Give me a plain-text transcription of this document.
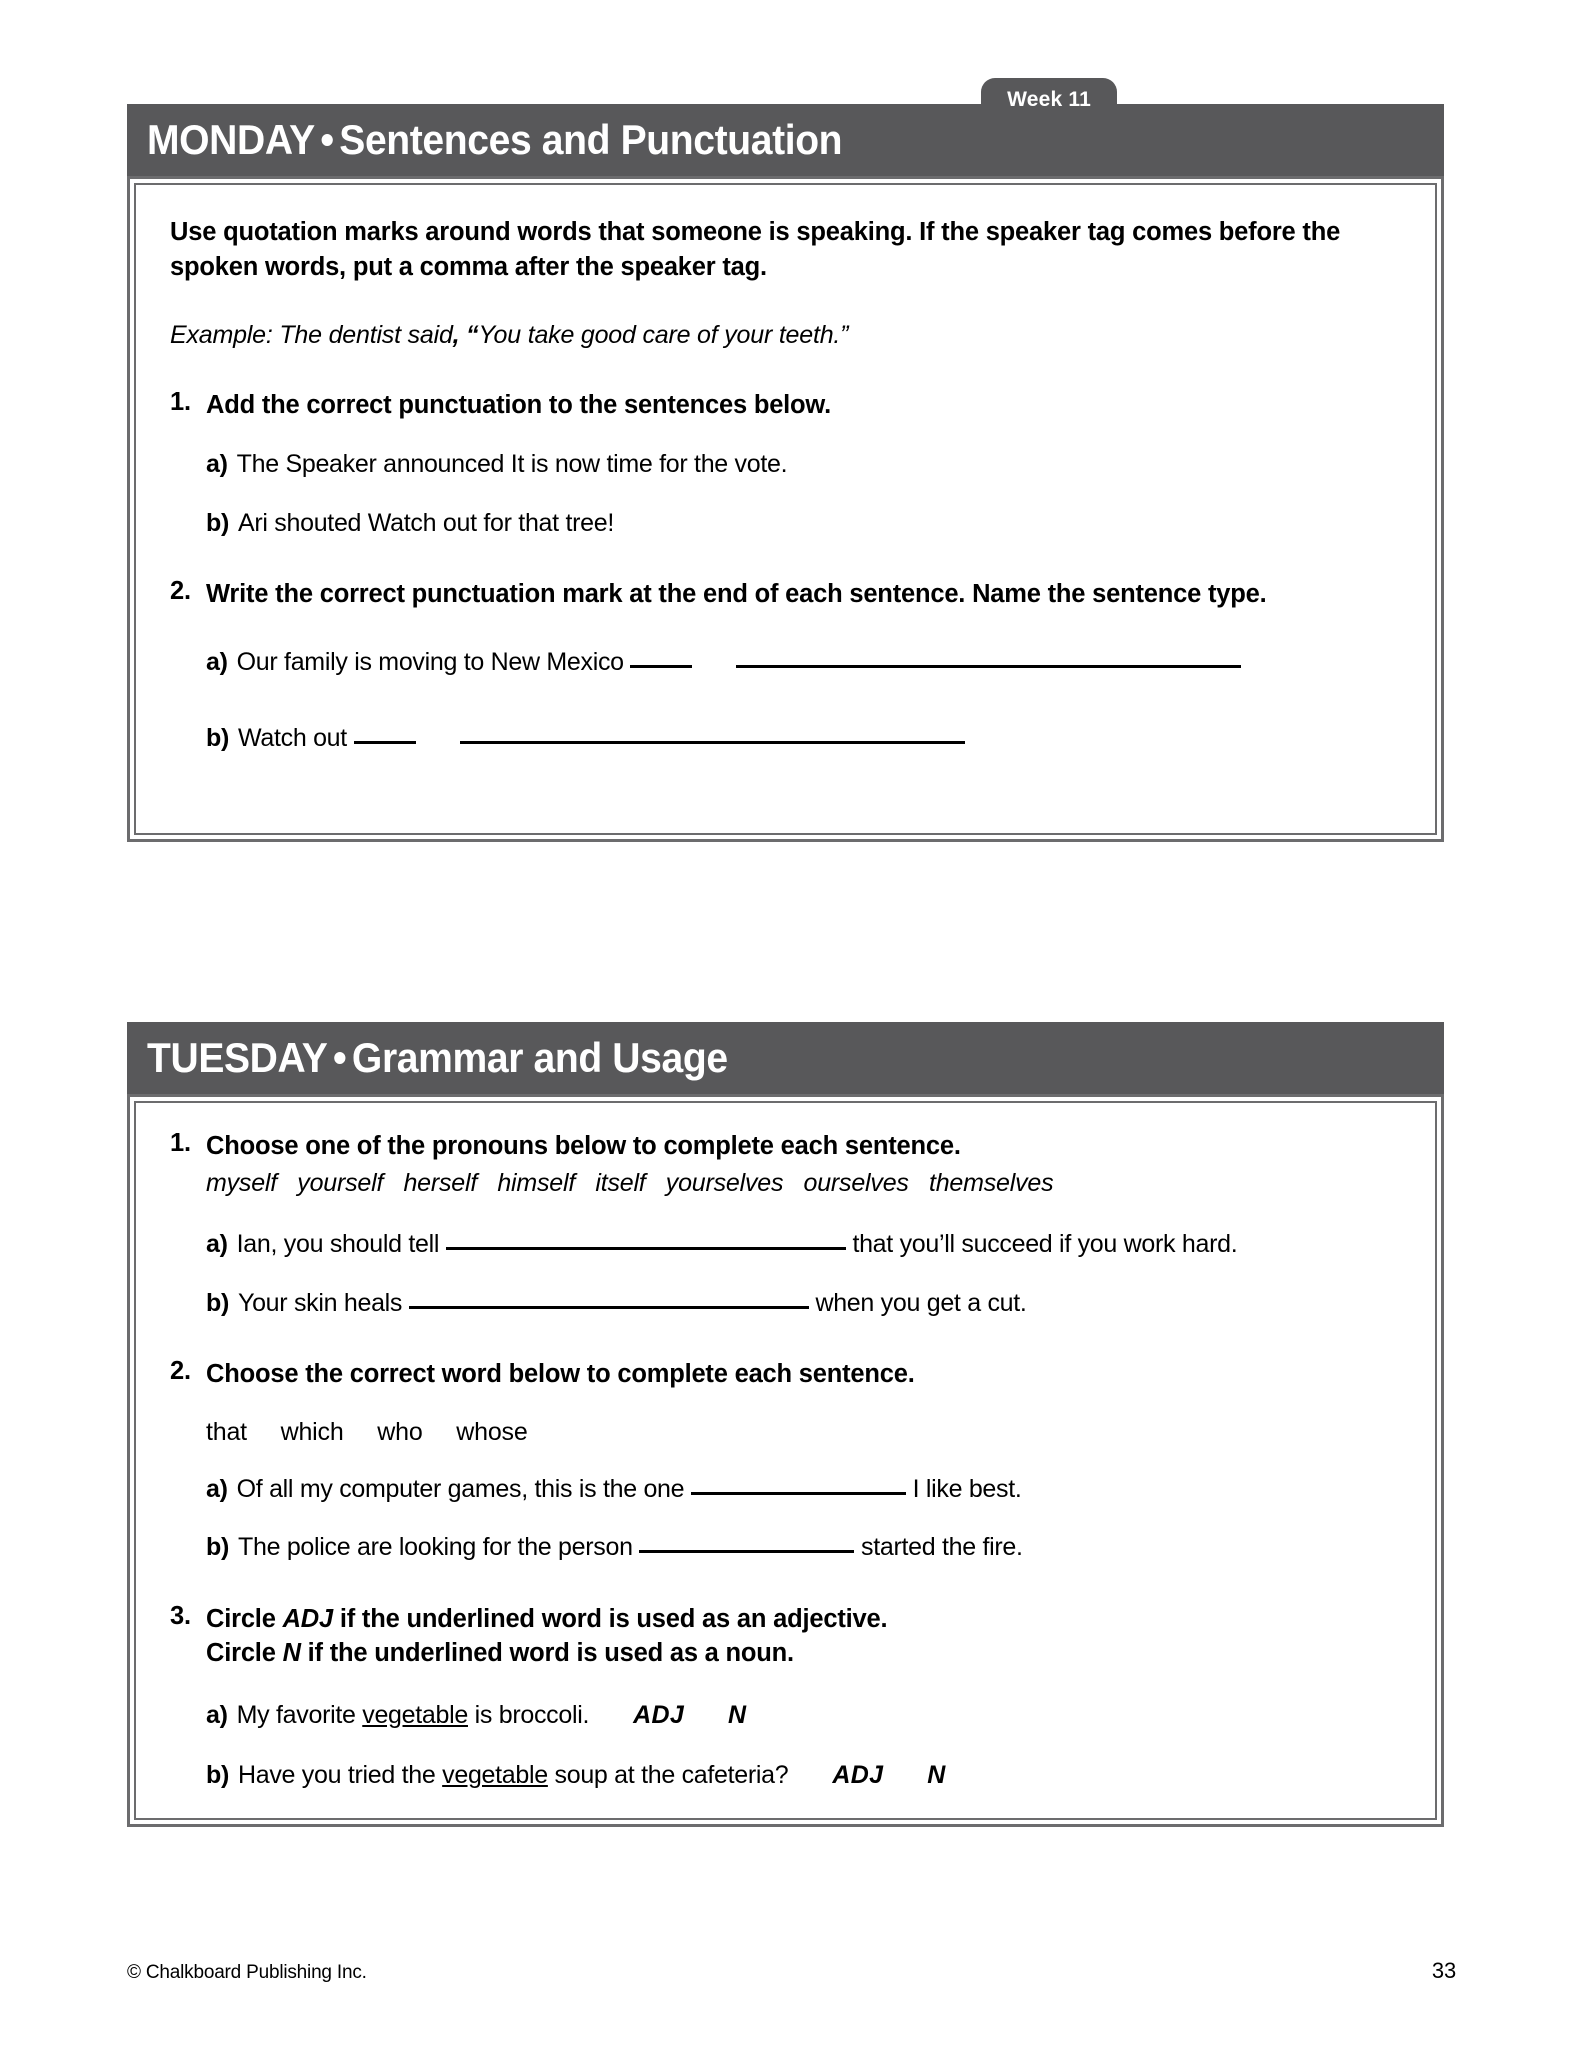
Week 11
MONDAY • Sentences and Punctuation

Use quotation marks around words that someone is speaking. If the speaker tag comes before the spoken words, put a comma after the speaker tag.

Example: The dentist said, “You take good care of your teeth.”

1. Add the correct punctuation to the sentences below.
a) The Speaker announced It is now time for the vote.
b) Ari shouted Watch out for that tree!
2. Write the correct punctuation mark at the end of each sentence. Name the sentence type.
a) Our family is moving to New Mexico
b) Watch out
TUESDAY • Grammar and Usage
1. Choose one of the pronouns below to complete each sentence.
myself   yourself   herself   himself   itself   yourselves   ourselves   themselves
a) Ian, you should tell	that you’ll succeed if you work hard.
b) Your skin heals	when you get a cut.
2. Choose the correct word below to complete each sentence.
that     which     who     whose
a) Of all my computer games, this is the one	I like best.
b) The police are looking for the person	started the fire.
3. Circle ADJ if the underlined word is used as an adjective.
Circle N if the underlined word is used as a noun.
a) My favorite vegetable is broccoli. ADJ N
b) Have you tried the vegetable soup at the cafeteria? ADJ N
© Chalkboard Publishing Inc.	33
